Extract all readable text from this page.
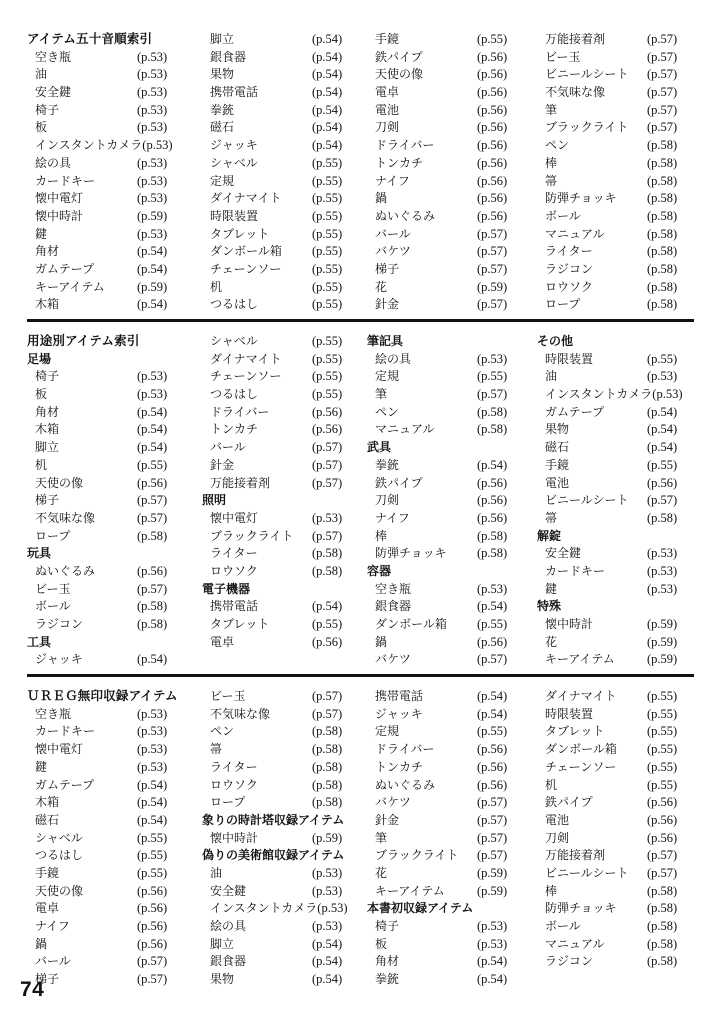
アイテム五十音順索引
空き瓶	(p.53)
油	(p.53)
安全鍵	(p.53)
椅子	(p.53)
板	(p.53)
インスタントカメラ (p.53)
絵の具	(p.53)
カードキー	(p.53)
懐中電灯	(p.53)
懐中時計	(p.59)
鍵	(p.53)
角材	(p.54)
ガムテープ	(p.54)
キーアイテム	(p.59)
木箱	(p.54)
脚立	(p.54)
銀食器	(p.54)
果物	(p.54)
携帯電話	(p.54)
拳銃	(p.54)
磁石	(p.54)
ジャッキ	(p.54)
シャベル	(p.55)
定規	(p.55)
ダイナマイト	(p.55)
時限装置	(p.55)
タブレット	(p.55)
ダンボール箱	(p.55)
チェーンソー	(p.55)
机	(p.55)
つるはし	(p.55)
手鏡	(p.55)
鉄パイプ	(p.56)
天使の像	(p.56)
電卓	(p.56)
電池	(p.56)
刀剣	(p.56)
ドライバー	(p.56)
トンカチ	(p.56)
ナイフ	(p.56)
鍋	(p.56)
ぬいぐるみ	(p.56)
バール	(p.57)
バケツ	(p.57)
梯子	(p.57)
花	(p.59)
針金	(p.57)
万能接着剤	(p.57)
ビー玉	(p.57)
ビニールシート	(p.57)
不気味な像	(p.57)
筆	(p.57)
ブラックライト	(p.57)
ペン	(p.58)
棒	(p.58)
箒	(p.58)
防弾チョッキ	(p.58)
ボール	(p.58)
マニュアル	(p.58)
ライター	(p.58)
ラジコン	(p.58)
ロウソク	(p.58)
ロープ	(p.58)
用途別アイテム索引
足場
椅子	(p.53)
板	(p.53)
角材	(p.54)
木箱	(p.54)
脚立	(p.54)
机	(p.55)
天使の像	(p.56)
梯子	(p.57)
不気味な像	(p.57)
ロープ	(p.58)
玩具
ぬいぐるみ	(p.56)
ビー玉	(p.57)
ボール	(p.58)
ラジコン	(p.58)
工具
ジャッキ	(p.54)
シャベル	(p.55)
ダイナマイト	(p.55)
チェーンソー	(p.55)
つるはし	(p.55)
ドライバー	(p.56)
トンカチ	(p.56)
バール	(p.57)
針金	(p.57)
万能接着剤	(p.57)
照明
懐中電灯	(p.53)
ブラックライト	(p.57)
ライター	(p.58)
ロウソク	(p.58)
電子機器
携帯電話	(p.54)
タブレット	(p.55)
電卓	(p.56)
筆記具
絵の具	(p.53)
定規	(p.55)
筆	(p.57)
ペン	(p.58)
マニュアル	(p.58)
武具
拳銃	(p.54)
鉄パイプ	(p.56)
刀剣	(p.56)
ナイフ	(p.56)
棒	(p.58)
防弾チョッキ	(p.58)
容器
空き瓶	(p.53)
銀食器	(p.54)
ダンボール箱	(p.55)
鍋	(p.56)
バケツ	(p.57)
その他
時限装置	(p.55)
油	(p.53)
インスタントカメラ (p.53)
ガムテープ	(p.54)
果物	(p.54)
磁石	(p.54)
手鏡	(p.55)
電池	(p.56)
ビニールシート	(p.57)
箒	(p.58)
解錠
安全鍵	(p.53)
カードキー	(p.53)
鍵	(p.53)
特殊
懐中時計	(p.59)
花	(p.59)
キーアイテム	(p.59)
ＵＲＥＧ無印収録アイテム
空き瓶	(p.53)
カードキー	(p.53)
懐中電灯	(p.53)
鍵	(p.53)
ガムテープ	(p.54)
木箱	(p.54)
磁石	(p.54)
シャベル	(p.55)
つるはし	(p.55)
手鏡	(p.55)
天使の像	(p.56)
電卓	(p.56)
ナイフ	(p.56)
鍋	(p.56)
バール	(p.57)
梯子	(p.57)
ビー玉	(p.57)
不気味な像	(p.57)
ペン	(p.58)
箒	(p.58)
ライター	(p.58)
ロウソク	(p.58)
ロープ	(p.58)
象りの時計塔収録アイテム
懐中時計	(p.59)
偽りの美術館収録アイテム
油	(p.53)
安全鍵	(p.53)
インスタントカメラ (p.53)
絵の具	(p.53)
脚立	(p.54)
銀食器	(p.54)
果物	(p.54)
携帯電話	(p.54)
ジャッキ	(p.54)
定規	(p.55)
ドライバー	(p.56)
トンカチ	(p.56)
ぬいぐるみ	(p.56)
バケツ	(p.57)
針金	(p.57)
筆	(p.57)
ブラックライト	(p.57)
花	(p.59)
キーアイテム	(p.59)
本書初収録アイテム
椅子	(p.53)
板	(p.53)
角材	(p.54)
拳銃	(p.54)
ダイナマイト	(p.55)
時限装置	(p.55)
タブレット	(p.55)
ダンボール箱	(p.55)
チェーンソー	(p.55)
机	(p.55)
鉄パイプ	(p.56)
電池	(p.56)
刀剣	(p.56)
万能接着剤	(p.57)
ビニールシート	(p.57)
棒	(p.58)
防弾チョッキ	(p.58)
ボール	(p.58)
マニュアル	(p.58)
ラジコン	(p.58)
74
